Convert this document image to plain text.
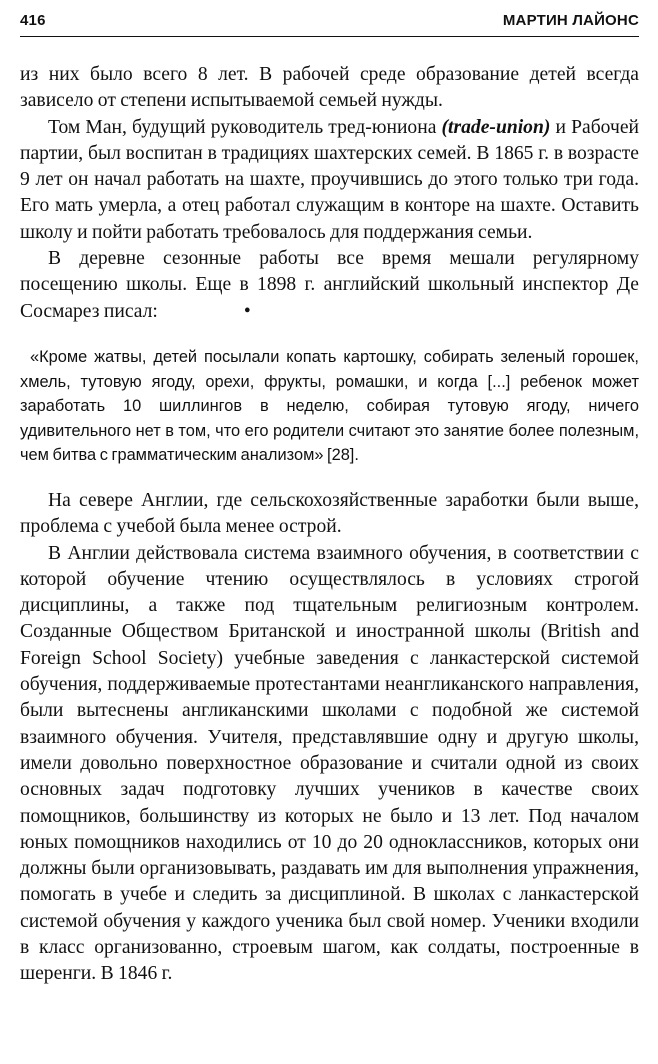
416	МАРТИН ЛАЙОНС

из них было всего 8 лет. В рабочей среде образование детей всегда зависело от степени испытываемой семьей нужды.

Том Ман, будущий руководитель тред-юниона (trade-union) и Рабочей партии, был воспитан в традициях шахтерских семей. В 1865 г. в возрасте 9 лет он начал работать на шахте, проучившись до этого только три года. Его мать умерла, а отец работал служащим в конторе на шахте. Оставить школу и пойти работать требовалось для поддержания семьи.

В деревне сезонные работы все время мешали регулярному посещению школы. Еще в 1898 г. английский школьный инспектор Де Сосмарез писал:	•

«Кроме жатвы, детей посылали копать картошку, собирать зеленый горошек, хмель, тутовую ягоду, орехи, фрукты, ромашки, и когда [...] ребенок может заработать 10 шиллингов в неделю, собирая тутовую ягоду, ничего удивительного нет в том, что его родители считают это занятие более полезным, чем битва с грамматическим анализом» [28].

На севере Англии, где сельскохозяйственные заработки были выше, проблема с учебой была менее острой.

В Англии действовала система взаимного обучения, в соответствии с которой обучение чтению осуществлялось в условиях строгой дисциплины, а также под тщательным религиозным контролем. Созданные Обществом Британской и иностранной школы (British and Foreign School Society) учебные заведения с ланкастерской системой обучения, поддерживаемые протестантами неангликанского направления, были вытеснены англиканскими школами с подобной же системой взаимного обучения. Учителя, представлявшие одну и другую школы, имели довольно поверхностное образование и считали одной из своих основных задач подготовку лучших учеников в качестве своих помощников, большинству из которых не было и 13 лет. Под началом юных помощников находились от 10 до 20 одноклассников, которых они должны были организовывать, раздавать им для выполнения упражнения, помогать в учебе и следить за дисциплиной. В школах с ланкастерской системой обучения у каждого ученика был свой номер. Ученики входили в класс организованно, строевым шагом, как солдаты, построенные в шеренги. В 1846 г.
